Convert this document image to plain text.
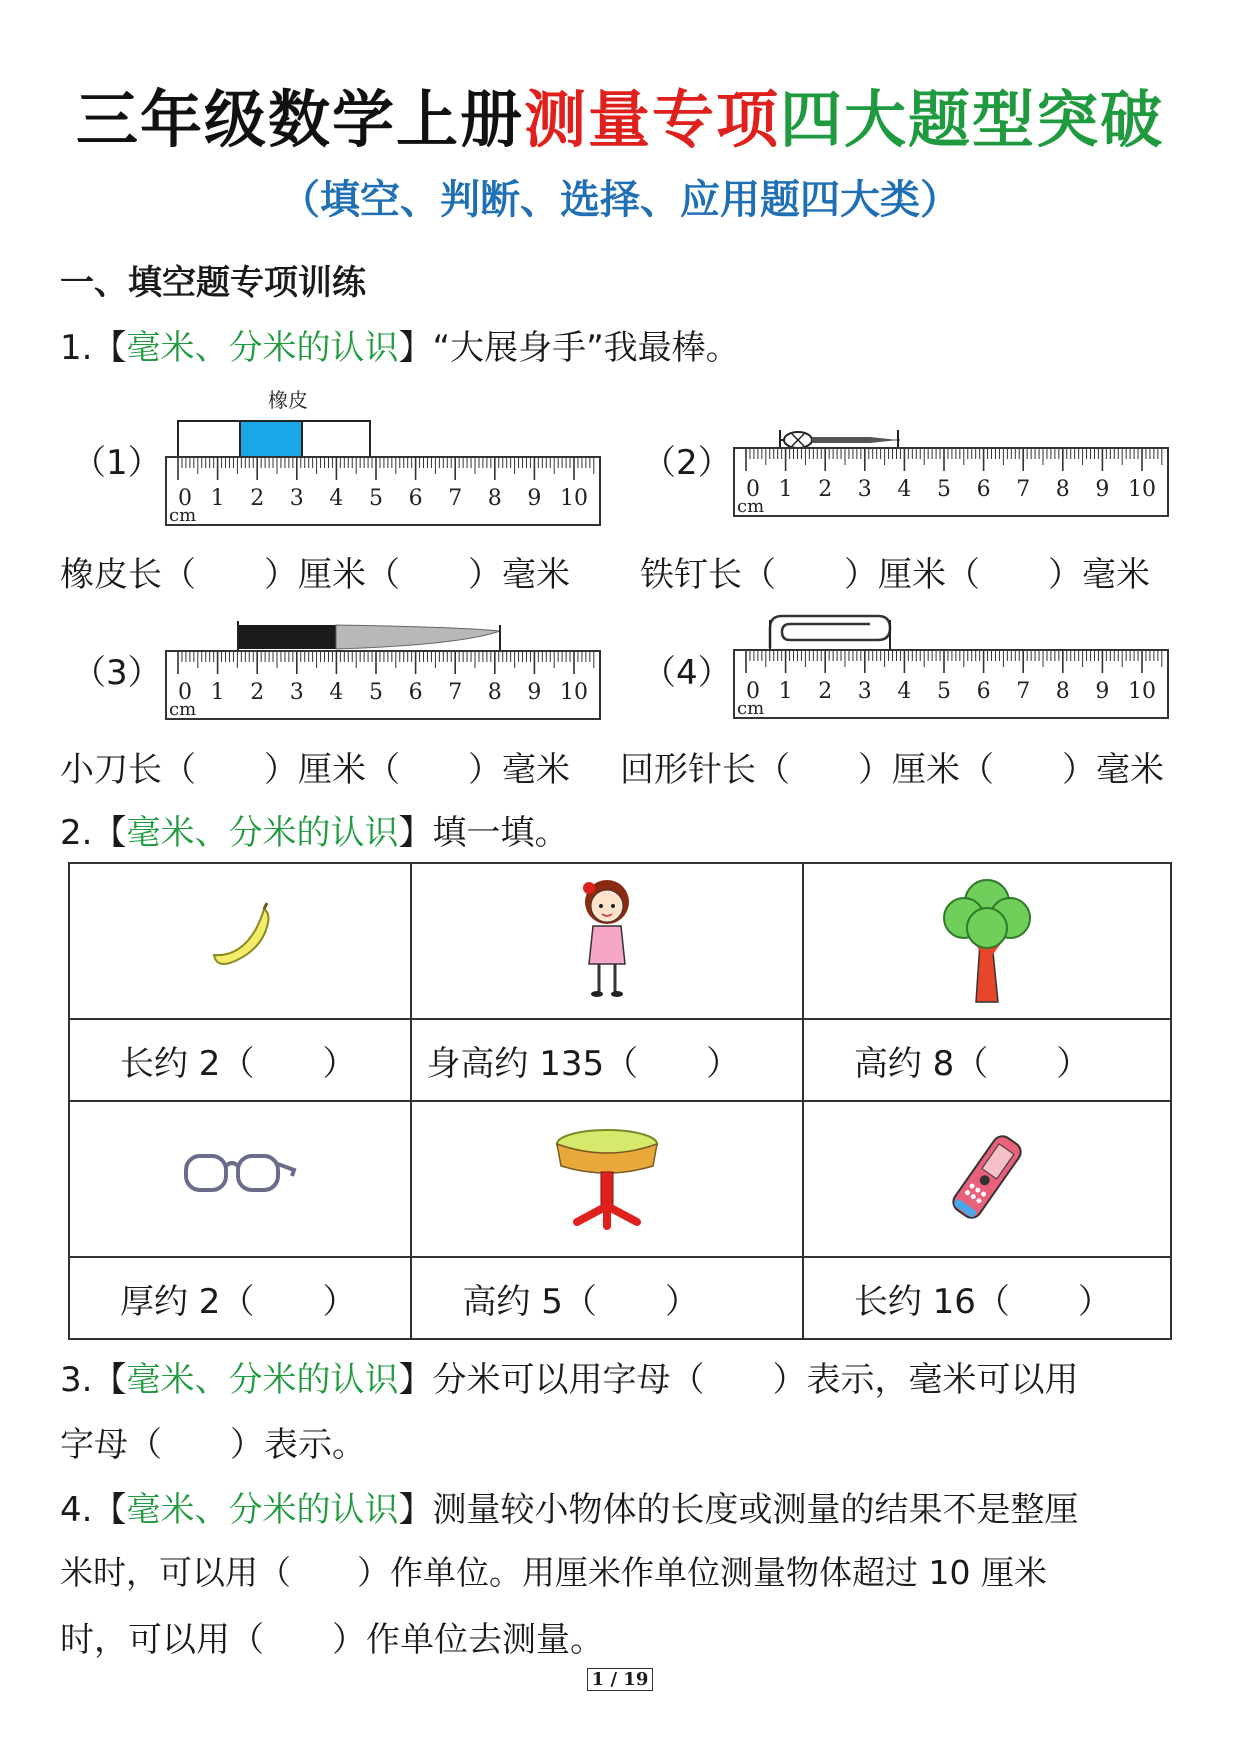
三年级数学上册测量专项四大题型突破
（填空、判断、选择、应用题四大类）
一、填空题专项训练
1.【毫米、分米的认识】“大展身手”我最棒。
（1）	（2）
（3）	（4）
橡皮
0 1 2 3 4 5 6 7 8 9 10
cm
0 1 2 3 4 5 6 7 8 9 10
cm
橡皮长（　　）厘米（　　）毫米 铁钉长（　　）厘米（　　）毫米
0 1 2 3 4 5 6 7 8 9 10
cm
0 1 2 3 4 5 6 7 8 9 10
cm
小刀长（　　）厘米（　　）毫米 回形针长（　　）厘米（　　）毫米
2.【毫米、分米的认识】填一填。

长约 2（　　）	身高约 135（　　）	高约 8（　　）

厚约 2（　　）	高约 5（　　）	长约 16（　　）
3.【毫米、分米的认识】分米可以用字母（　　）表示，毫米可以用
字母（　　）表示。
4.【毫米、分米的认识】测量较小物体的长度或测量的结果不是整厘
米时，可以用（　　）作单位。用厘米作单位测量物体超过 10 厘米
时，可以用（　　）作单位去测量。
1 / 19
